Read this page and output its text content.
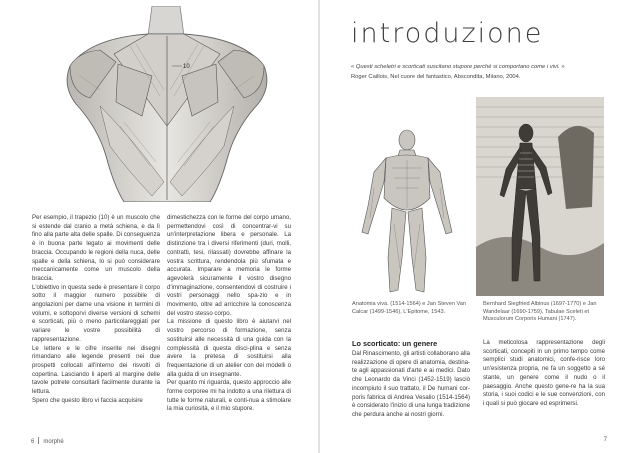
10

Per esempio, il trapezio (10) è un muscolo che si estende dal cranio a metà schiena, e da lì fino alla parte alta delle spalle. Di conseguenza è in buona parte legato ai movimenti delle braccia. Occupando le regioni della nuca, delle spalle e della schiena, lo si può considerare meccanicamente come un muscolo della braccia.

L'obiettivo in questa sede è presentare il corpo sotto il maggior numero possibile di angolazioni per darne una visione in termini di volumi, e sottoporvi diverse versioni di schemi e scorticati, più o meno particolareggiati per variare le vostre possibilità di rappresentazione.

Le lettere e le cifre inserite nei disegni rimandano alle legende presenti nei due prospetti collocati all'interno dei risvolti di copertina. Lasciando li aperti al margine delle tavole potrete consultarli facilmente durante la lettura.

Spero che questo libro vi faccia acquisire

dimestichezza con le forme del corpo umano, permettendovi così di concentrar-vi su un'interpretazione libera e personale. La distinzione tra i diversi riferimenti (duri, molli, contratti, tesi, rilassati) dovrebbe affinare la vostra scrittura, rendendola più sfumata e accurata. Imparare a memoria le forme agevolerà sicuramente il vostro disegno d'immaginazione, consentendovi di costruire i vostri personaggi nello spa-zio e in movimento, oltre ad arricchire la conoscenza del vostro stesso corpo.

La missione di questo libro è aiutarvi nel vostro percorso di formazione, senza sostituirsi alle necessità di una guida con la complessità di questa disci-plina e senza avere la pretesa di sostituirsi alla frequentazione di un atelier con dei modelli o alla guida di un insegnante.

Per quanto mi riguarda, questo approccio alle forme corporee mi ha indotto a una rilettura di tutte le forme naturali, e conti-nua a stimolare la mia curiosità, e il mio stupore.

6 morphé
introduzione
« Questi scheletri e scorticati suscitano stupore perché si comportano come i vivi. »
Roger Caillois, Nel cuore del fantastico, Abscondita, Milano, 2004.
Anatomia viva. (1514-1564) e Jan Steven Van Calcar (1499-1546), L'Epitome, 1543.
Bernhard Siegfried Albinus (1697-1770) e Jan Wandelaar (1690-1759), Tabulae Sceleti et Musculorum Corporis Humani (1747).
Lo scorticato: un genere

Dal Rinascimento, gli artisti collaborano alla realizzazione di opere di anatomia, destina-te agli appassionati d'arte e ai medici. Dato che Leonardo da Vinci (1452-1519) lasciò incompiuto il suo trattato, il De humani cor-poris fabrica di Andrea Vesalio (1514-1564) è considerato l'inizio di una lunga tradizione che perdura anche ai nostri giorni.

La meticolosa rappresentazione degli scorticati, concepiti in un primo tempo come semplici studi anatomici, confe-risce loro un'esistenza propria, ne fa un soggetto a sé stante, un genere come il nudo o il paesaggio. Anche questo gene-re ha la sua storia, i suoi codici e le sue convenzioni, con i quali si può giocare ed esprimersi.

7
